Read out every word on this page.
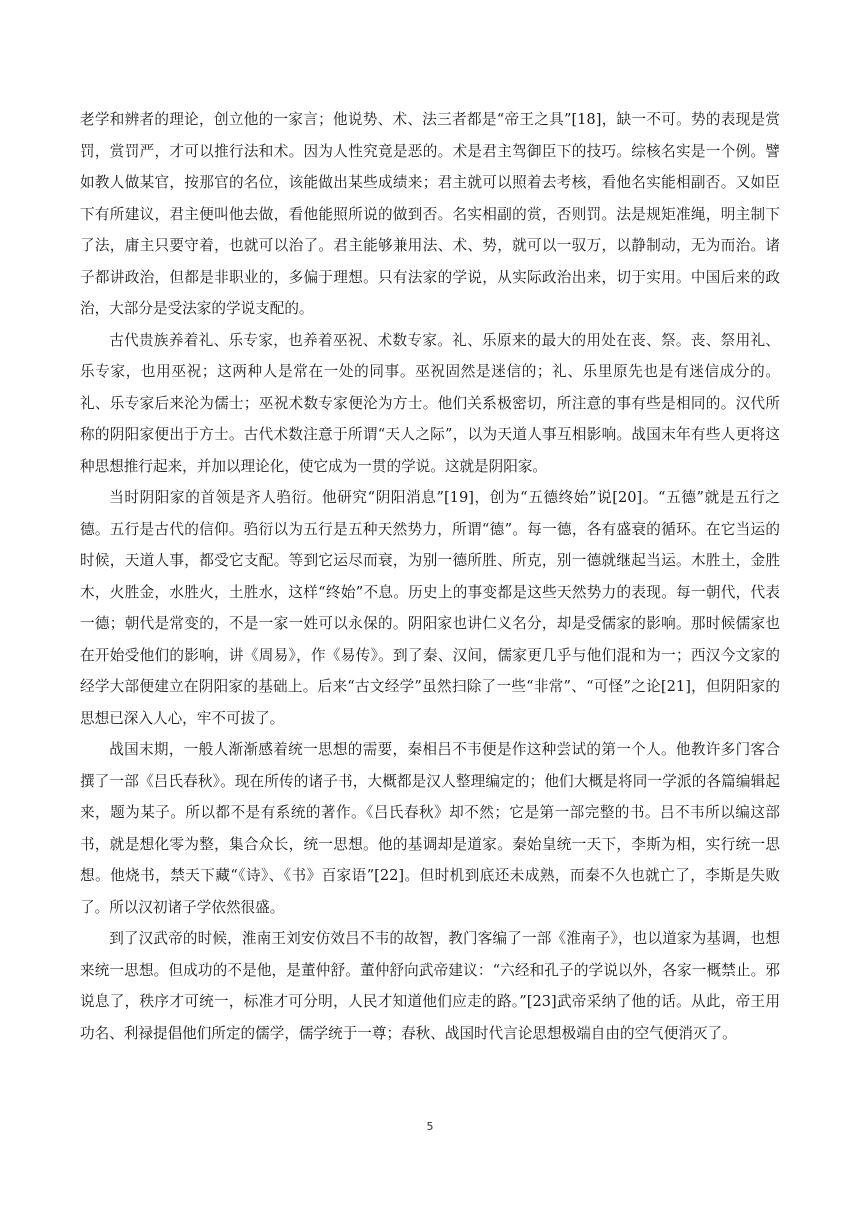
老学和辨者的理论，创立他的一家言；他说势、术、法三者都是“帝王之具”[18]，缺一不可。势的表现是赏罚，赏罚严，才可以推行法和术。因为人性究竟是恶的。术是君主驾御臣下的技巧。综核名实是一个例。譬如教人做某官，按那官的名位，该能做出某些成绩来；君主就可以照着去考核，看他名实能相副否。又如臣下有所建议，君主便叫他去做，看他能照所说的做到否。名实相副的赏，否则罚。法是规矩准绳，明主制下了法，庸主只要守着，也就可以治了。君主能够兼用法、术、势，就可以一驭万，以静制动，无为而治。诸子都讲政治，但都是非职业的，多偏于理想。只有法家的学说，从实际政治出来，切于实用。中国后来的政治，大部分是受法家的学说支配的。

古代贵族养着礼、乐专家，也养着巫祝、术数专家。礼、乐原来的最大的用处在丧、祭。丧、祭用礼、乐专家，也用巫祝；这两种人是常在一处的同事。巫祝固然是迷信的；礼、乐里原先也是有迷信成分的。礼、乐专家后来沦为儒士；巫祝术数专家便沦为方士。他们关系极密切，所注意的事有些是相同的。汉代所称的阴阳家便出于方士。古代术数注意于所谓“天人之际”，以为天道人事互相影响。战国末年有些人更将这种思想推行起来，并加以理论化，使它成为一贯的学说。这就是阴阳家。

当时阴阳家的首领是齐人驺衍。他研究“阴阳消息”[19]，创为“五德终始”说[20]。“五德”就是五行之德。五行是古代的信仰。驺衍以为五行是五种天然势力，所谓“德”。每一德，各有盛衰的循环。在它当运的时候，天道人事，都受它支配。等到它运尽而衰，为别一德所胜、所克，别一德就继起当运。木胜土，金胜木，火胜金，水胜火，土胜水，这样“终始”不息。历史上的事变都是这些天然势力的表现。每一朝代，代表一德；朝代是常变的，不是一家一姓可以永保的。阴阳家也讲仁义名分，却是受儒家的影响。那时候儒家也在开始受他们的影响，讲《周易》，作《易传》。到了秦、汉间，儒家更几乎与他们混和为一；西汉今文家的经学大部便建立在阴阳家的基础上。后来“古文经学”虽然扫除了一些“非常”、“可怪”之论[21]，但阴阳家的思想已深入人心，牢不可拔了。

战国末期，一般人渐渐感着统一思想的需要，秦相吕不韦便是作这种尝试的第一个人。他教许多门客合撰了一部《吕氏春秋》。现在所传的诸子书，大概都是汉人整理编定的；他们大概是将同一学派的各篇编辑起来，题为某子。所以都不是有系统的著作。《吕氏春秋》却不然；它是第一部完整的书。吕不韦所以编这部书，就是想化零为整，集合众长，统一思想。他的基调却是道家。秦始皇统一天下，李斯为相，实行统一思想。他烧书，禁天下藏“《诗》、《书》百家语”[22]。但时机到底还未成熟，而秦不久也就亡了，李斯是失败了。所以汉初诸子学依然很盛。

到了汉武帝的时候，淮南王刘安仿效吕不韦的故智，教门客编了一部《淮南子》，也以道家为基调，也想来统一思想。但成功的不是他，是董仲舒。董仲舒向武帝建议：“六经和孔子的学说以外，各家一概禁止。邪说息了，秩序才可统一，标准才可分明，人民才知道他们应走的路。”[23]武帝采纳了他的话。从此，帝王用功名、利禄提倡他们所定的儒学，儒学统于一尊；春秋、战国时代言论思想极端自由的空气便消灭了。

5
